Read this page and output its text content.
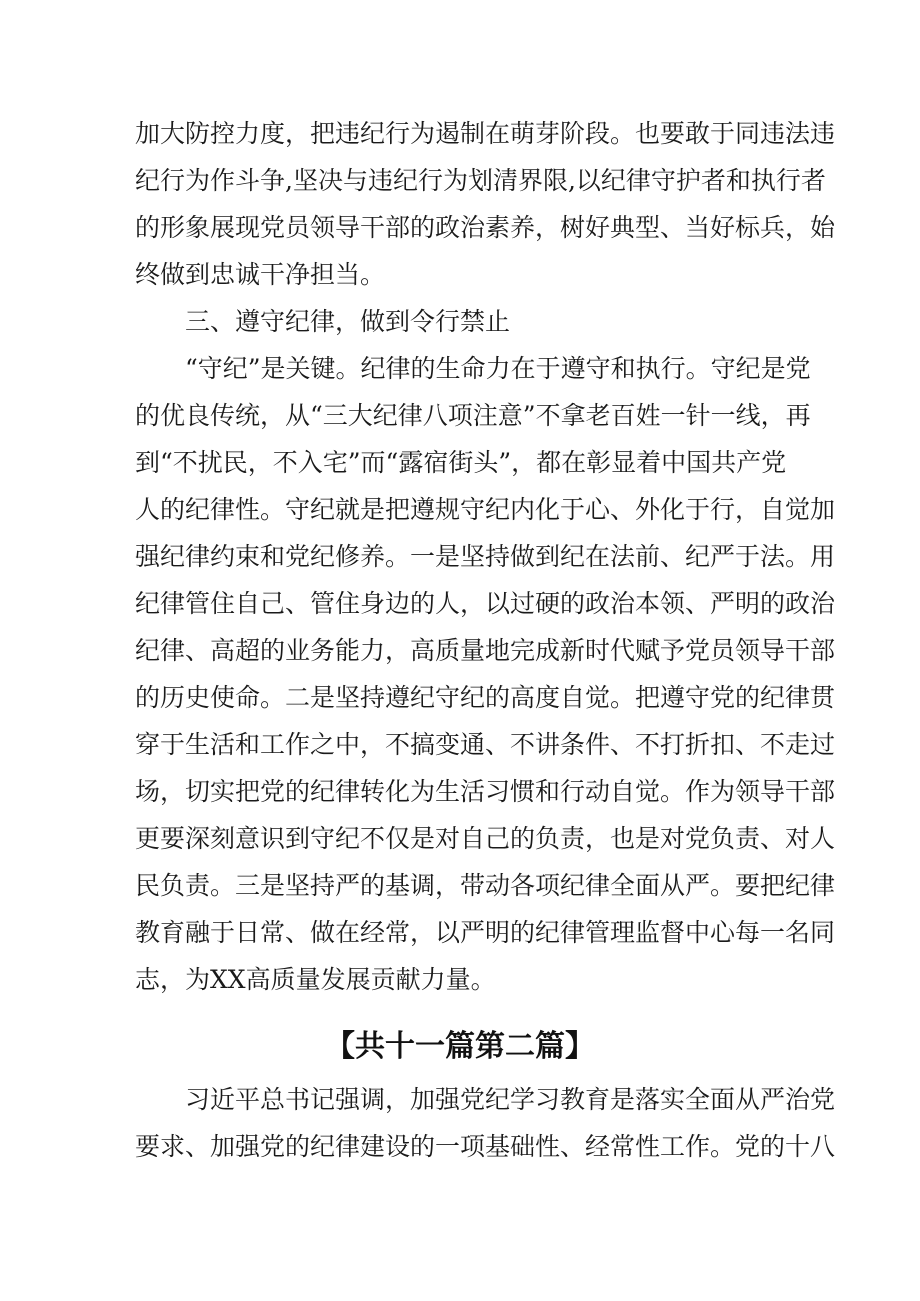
加大防控力度，把违纪行为遏制在萌芽阶段。也要敢于同违法违
纪行为作斗争,坚决与违纪行为划清界限,以纪律守护者和执行者
的形象展现党员领导干部的政治素养，树好典型、当好标兵，始
终做到忠诚干净担当。
三、遵守纪律，做到令行禁止
“守纪”是关键。纪律的生命力在于遵守和执行。守纪是党
的优良传统，从“三大纪律八项注意”不拿老百姓一针一线，再
到“不扰民，不入宅”而“露宿街头”，都在彰显着中国共产党
人的纪律性。守纪就是把遵规守纪内化于心、外化于行，自觉加
强纪律约束和党纪修养。一是坚持做到纪在法前、纪严于法。用
纪律管住自己、管住身边的人，以过硬的政治本领、严明的政治
纪律、高超的业务能力，高质量地完成新时代赋予党员领导干部
的历史使命。二是坚持遵纪守纪的高度自觉。把遵守党的纪律贯
穿于生活和工作之中，不搞变通、不讲条件、不打折扣、不走过
场，切实把党的纪律转化为生活习惯和行动自觉。作为领导干部
更要深刻意识到守纪不仅是对自己的负责，也是对党负责、对人
民负责。三是坚持严的基调，带动各项纪律全面从严。要把纪律
教育融于日常、做在经常，以严明的纪律管理监督中心每一名同
志，为XX高质量发展贡献力量。
【共十一篇第二篇】
习近平总书记强调，加强党纪学习教育是落实全面从严治党
要求、加强党的纪律建设的一项基础性、经常性工作。党的十八
